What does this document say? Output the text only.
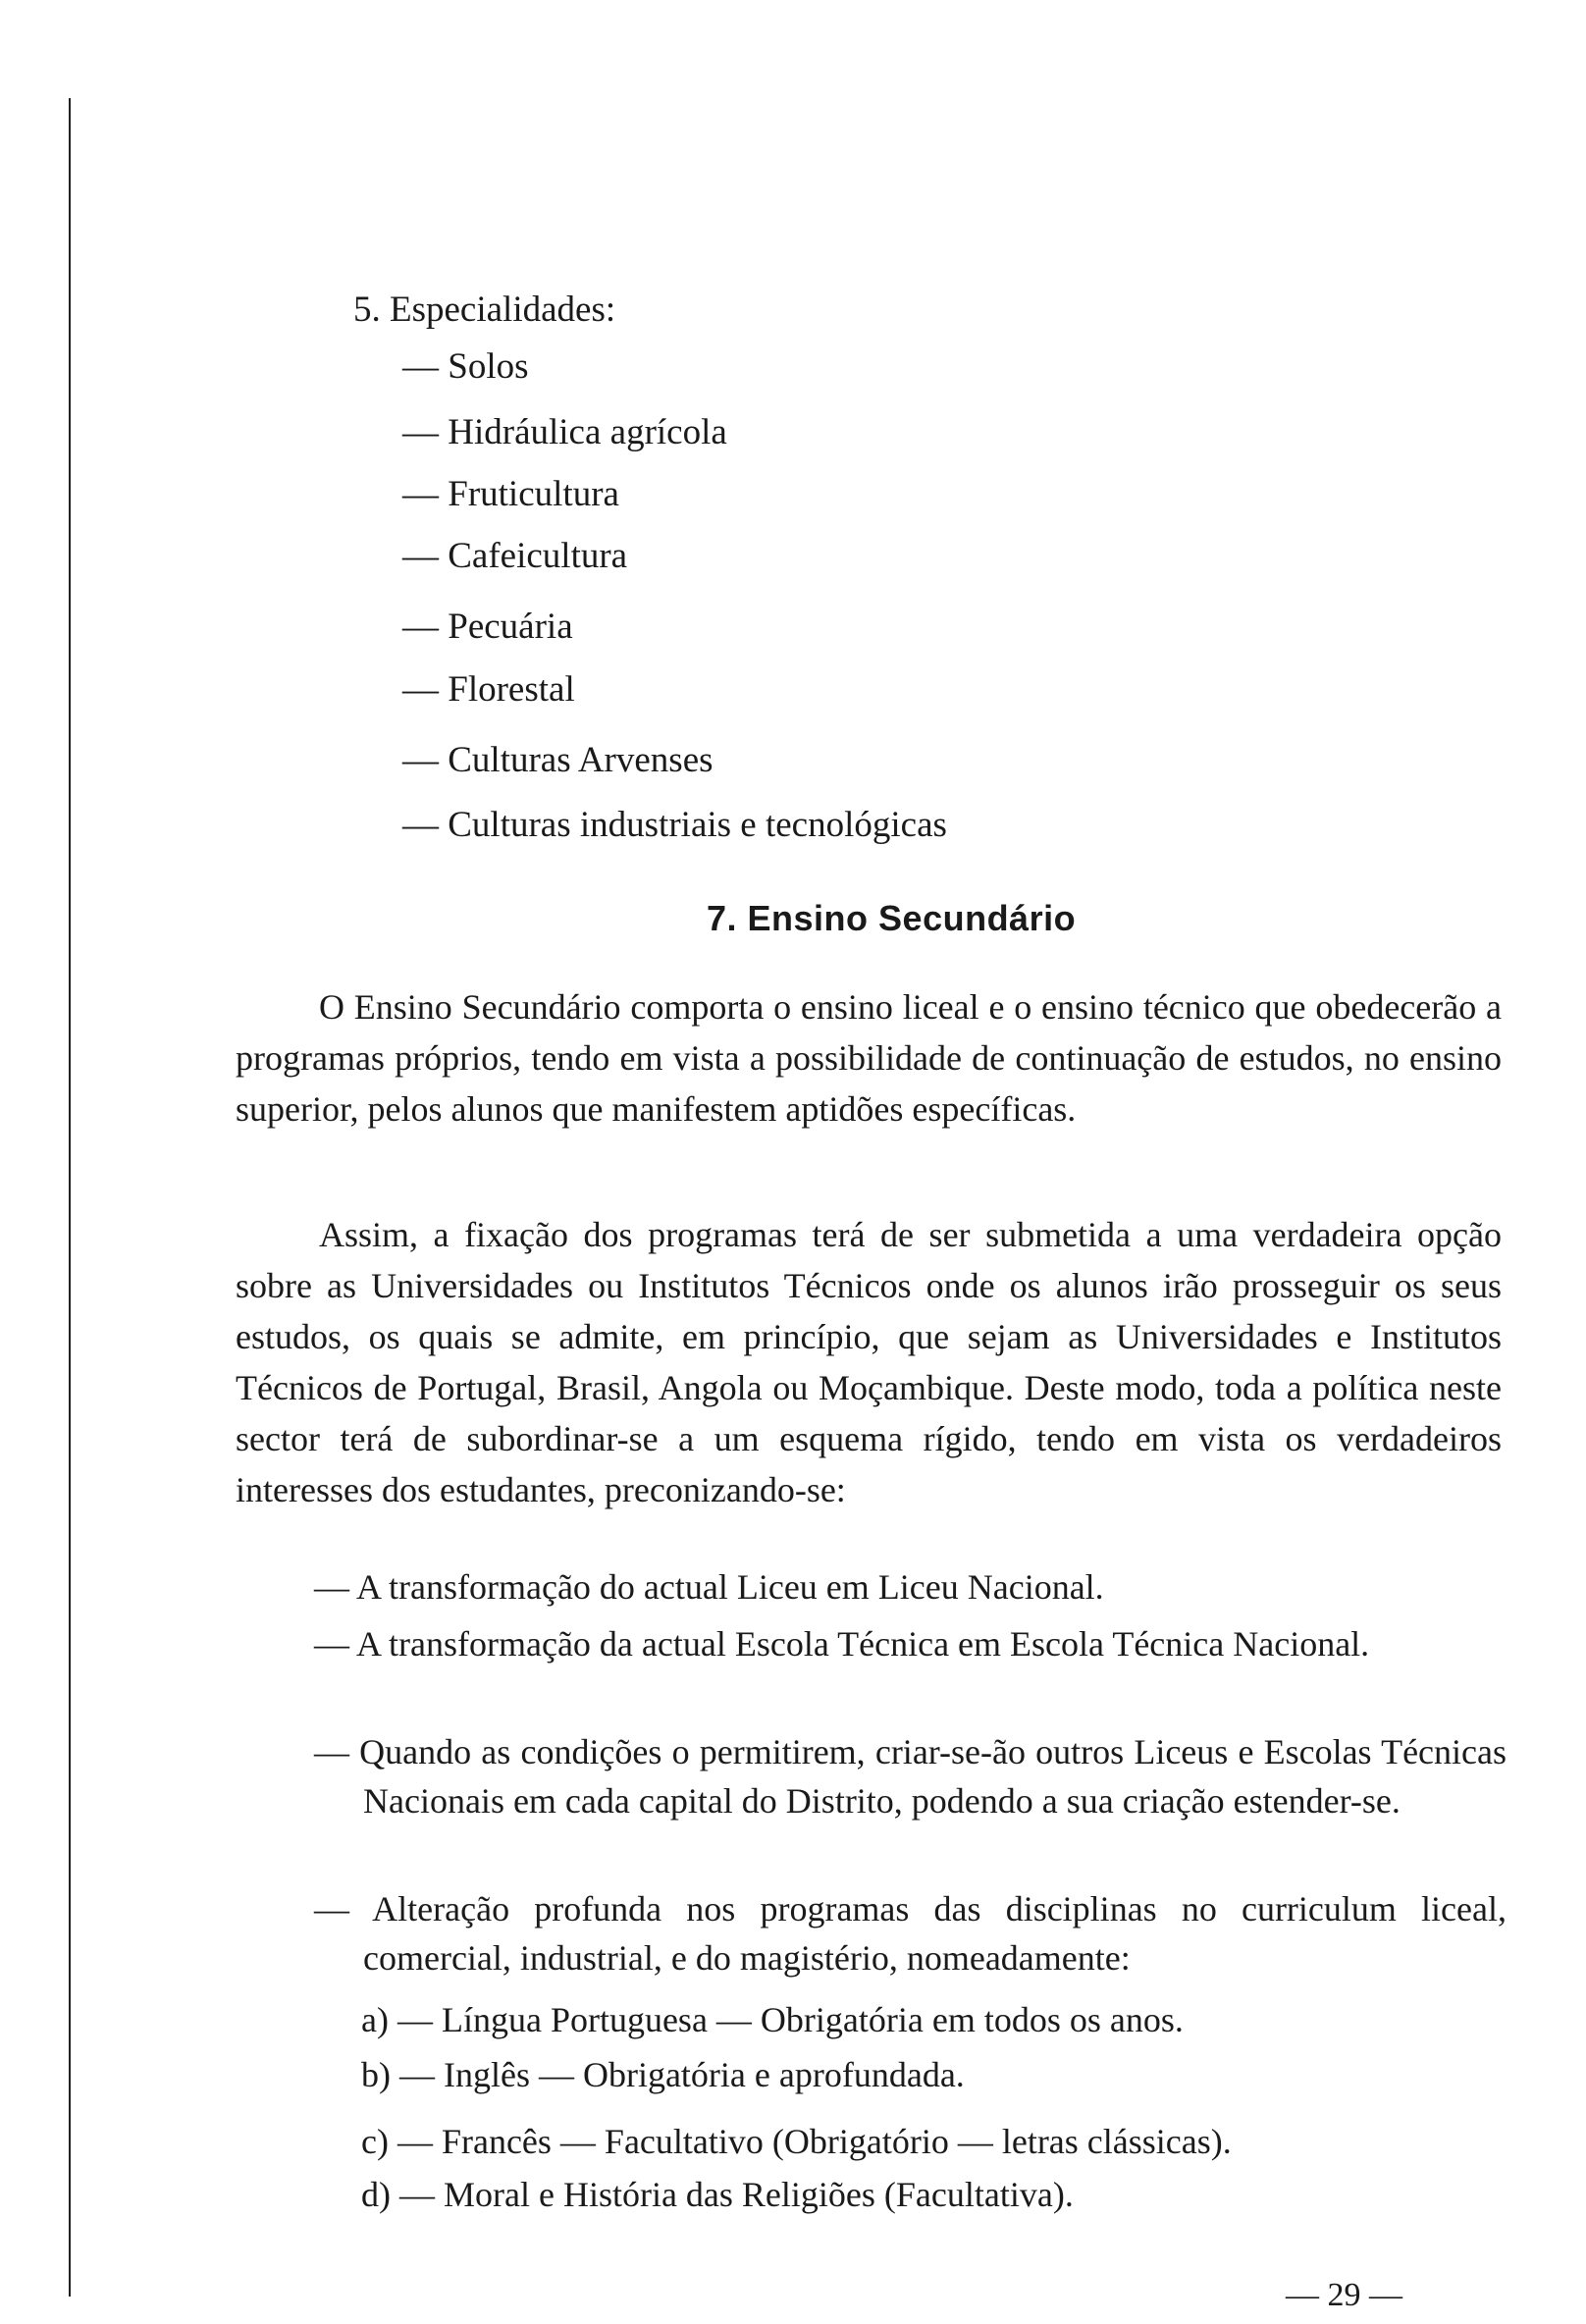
5. Especialidades:
— Solos
— Hidráulica agrícola
— Fruticultura
— Cafeicultura
— Pecuária
— Florestal
— Culturas Arvenses
— Culturas industriais e tecnológicas
7. Ensino Secundário
O Ensino Secundário comporta o ensino liceal e o ensino técnico que obedecerão a programas próprios, tendo em vista a possibilidade de continuação de estudos, no ensino superior, pelos alunos que manifestem aptidões específicas.
Assim, a fixação dos programas terá de ser submetida a uma verdadeira opção sobre as Universidades ou Institutos Técnicos onde os alunos irão prosseguir os seus estudos, os quais se admite, em princípio, que sejam as Universidades e Institutos Técnicos de Portugal, Brasil, Angola ou Moçambique. Deste modo, toda a política neste sector terá de subordinar-se a um esquema rígido, tendo em vista os verdadeiros interesses dos estudantes, preconizando-se:
— A transformação do actual Liceu em Liceu Nacional.
— A transformação da actual Escola Técnica em Escola Técnica Nacional.
— Quando as condições o permitirem, criar-se-ão outros Liceus e Escolas Técnicas Nacionais em cada capital do Distrito, podendo a sua criação estender-se.
— Alteração profunda nos programas das disciplinas no curriculum liceal, comercial, industrial, e do magistério, nomeadamente:
a) — Língua Portuguesa — Obrigatória em todos os anos.
b) — Inglês — Obrigatória e aprofundada.
c) — Francês — Facultativo (Obrigatório — letras clássicas).
d) — Moral e História das Religiões (Facultativa).
— 29 —
